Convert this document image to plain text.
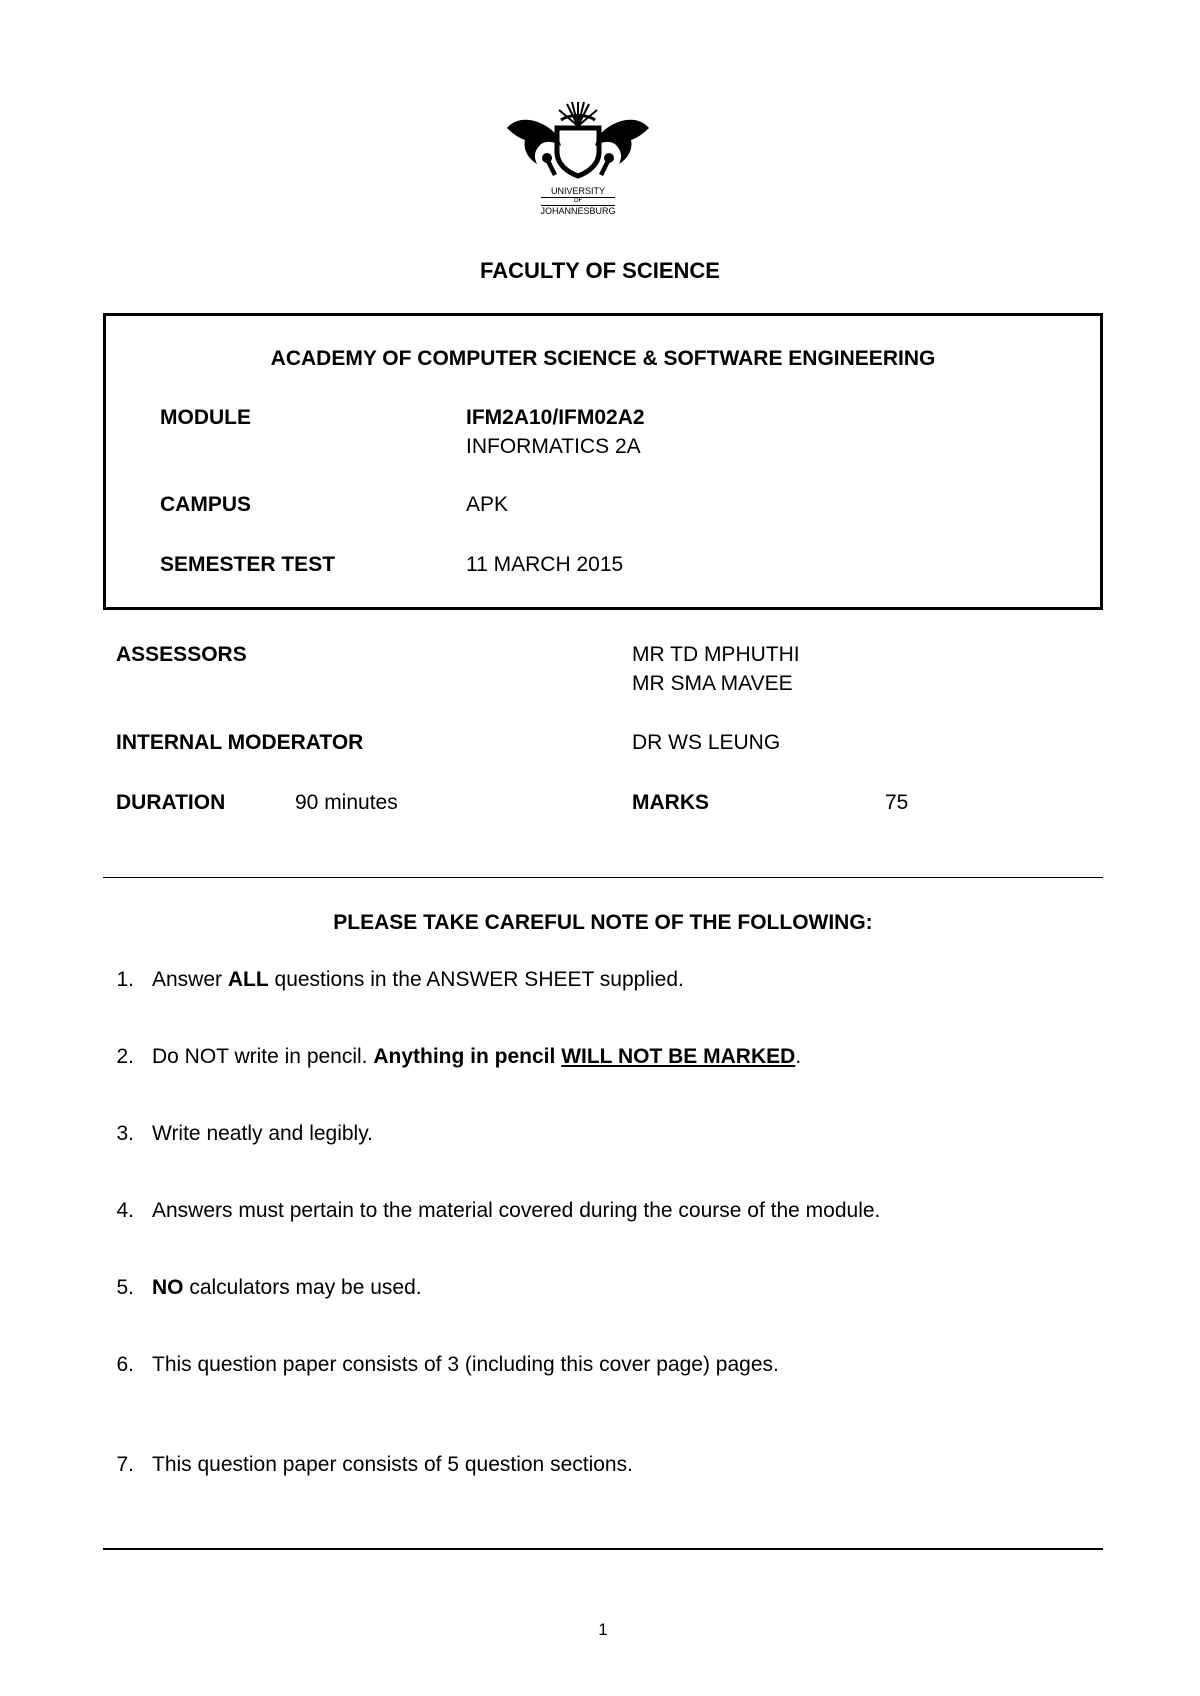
UNIVERSITY
OF
JOHANNESBURG
FACULTY OF SCIENCE
ACADEMY OF COMPUTER SCIENCE & SOFTWARE ENGINEERING
MODULE	IFM2A10/IFM02A2
INFORMATICS 2A
CAMPUS	APK
SEMESTER TEST	11 MARCH 2015
ASSESSORS	MR TD MPHUTHI
MR SMA MAVEE
INTERNAL MODERATOR	DR WS LEUNG
DURATION	90 minutes	MARKS	75
PLEASE TAKE CAREFUL NOTE OF THE FOLLOWING:
1. Answer ALL questions in the ANSWER SHEET supplied.
2. Do NOT write in pencil. Anything in pencil WILL NOT BE MARKED.
3. Write neatly and legibly.
4. Answers must pertain to the material covered during the course of the module.
5. NO calculators may be used.
6. This question paper consists of 3 (including this cover page) pages.
7. This question paper consists of 5 question sections.
1
